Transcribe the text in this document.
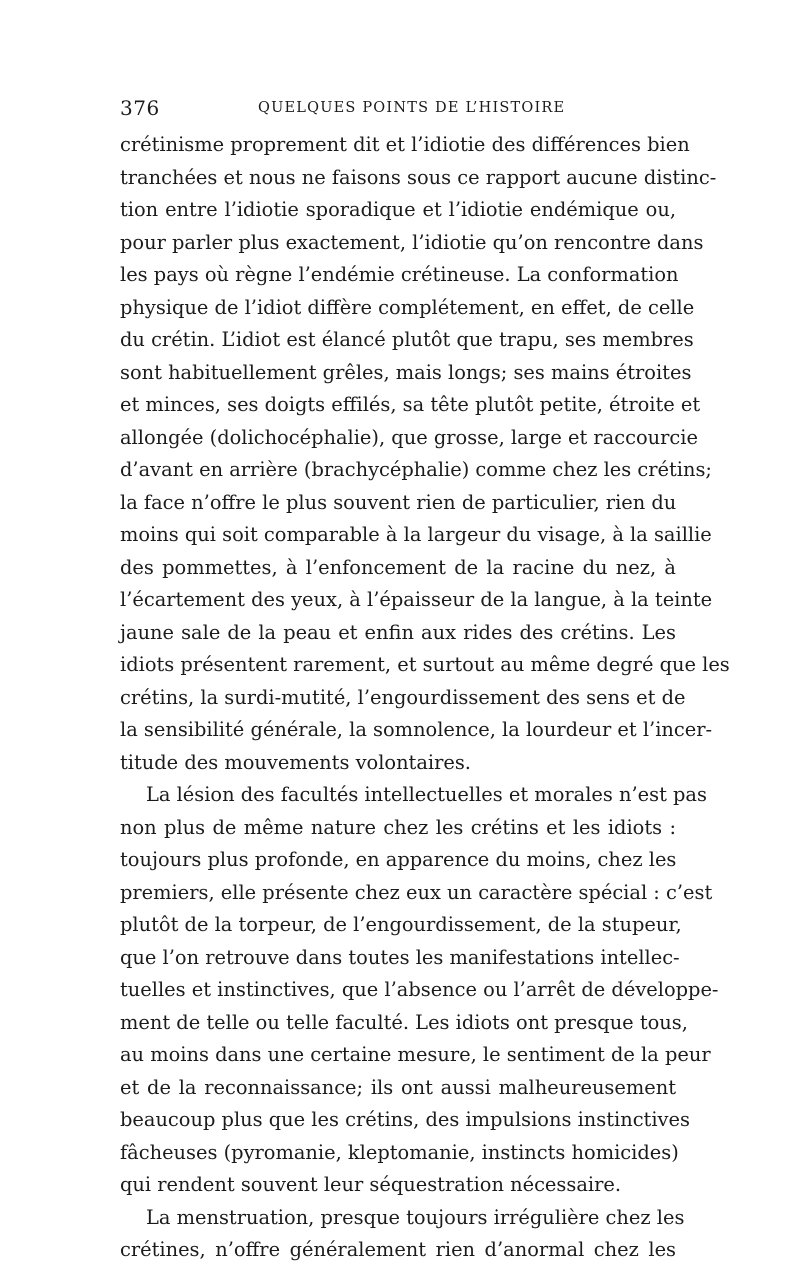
376	QUELQUES POINTS DE L’HISTOIRE
crétinisme proprement dit et l’idiotie des différences bien
tranchées et nous ne faisons sous ce rapport aucune distinc-
tion entre l’idiotie sporadique et l’idiotie endémique ou,
pour parler plus exactement, l’idiotie qu’on rencontre dans
les pays où règne l’endémie crétineuse. La conformation
physique de l’idiot diffère complétement, en effet, de celle
du crétin. L’idiot est élancé plutôt que trapu, ses membres
sont habituellement grêles, mais longs; ses mains étroites
et minces, ses doigts effilés, sa tête plutôt petite, étroite et
allongée (dolichocéphalie), que grosse, large et raccourcie
d’avant en arrière (brachycéphalie) comme chez les crétins;
la face n’offre le plus souvent rien de particulier, rien du
moins qui soit comparable à la largeur du visage, à la saillie
des pommettes, à l’enfoncement de la racine du nez, à
l’écartement des yeux, à l’épaisseur de la langue, à la teinte
jaune sale de la peau et enfin aux rides des crétins. Les
idiots présentent rarement, et surtout au même degré que les
crétins, la surdi-mutité, l’engourdissement des sens et de
la sensibilité générale, la somnolence, la lourdeur et l’incer-
titude des mouvements volontaires.
La lésion des facultés intellectuelles et morales n’est pas
non plus de même nature chez les crétins et les idiots :
toujours plus profonde, en apparence du moins, chez les
premiers, elle présente chez eux un caractère spécial : c’est
plutôt de la torpeur, de l’engourdissement, de la stupeur,
que l’on retrouve dans toutes les manifestations intellec-
tuelles et instinctives, que l’absence ou l’arrêt de développe-
ment de telle ou telle faculté. Les idiots ont presque tous,
au moins dans une certaine mesure, le sentiment de la peur
et de la reconnaissance; ils ont aussi malheureusement
beaucoup plus que les crétins, des impulsions instinctives
fâcheuses (pyromanie, kleptomanie, instincts homicides)
qui rendent souvent leur séquestration nécessaire.
La menstruation, presque toujours irrégulière chez les
crétines, n’offre généralement rien d’anormal chez les
